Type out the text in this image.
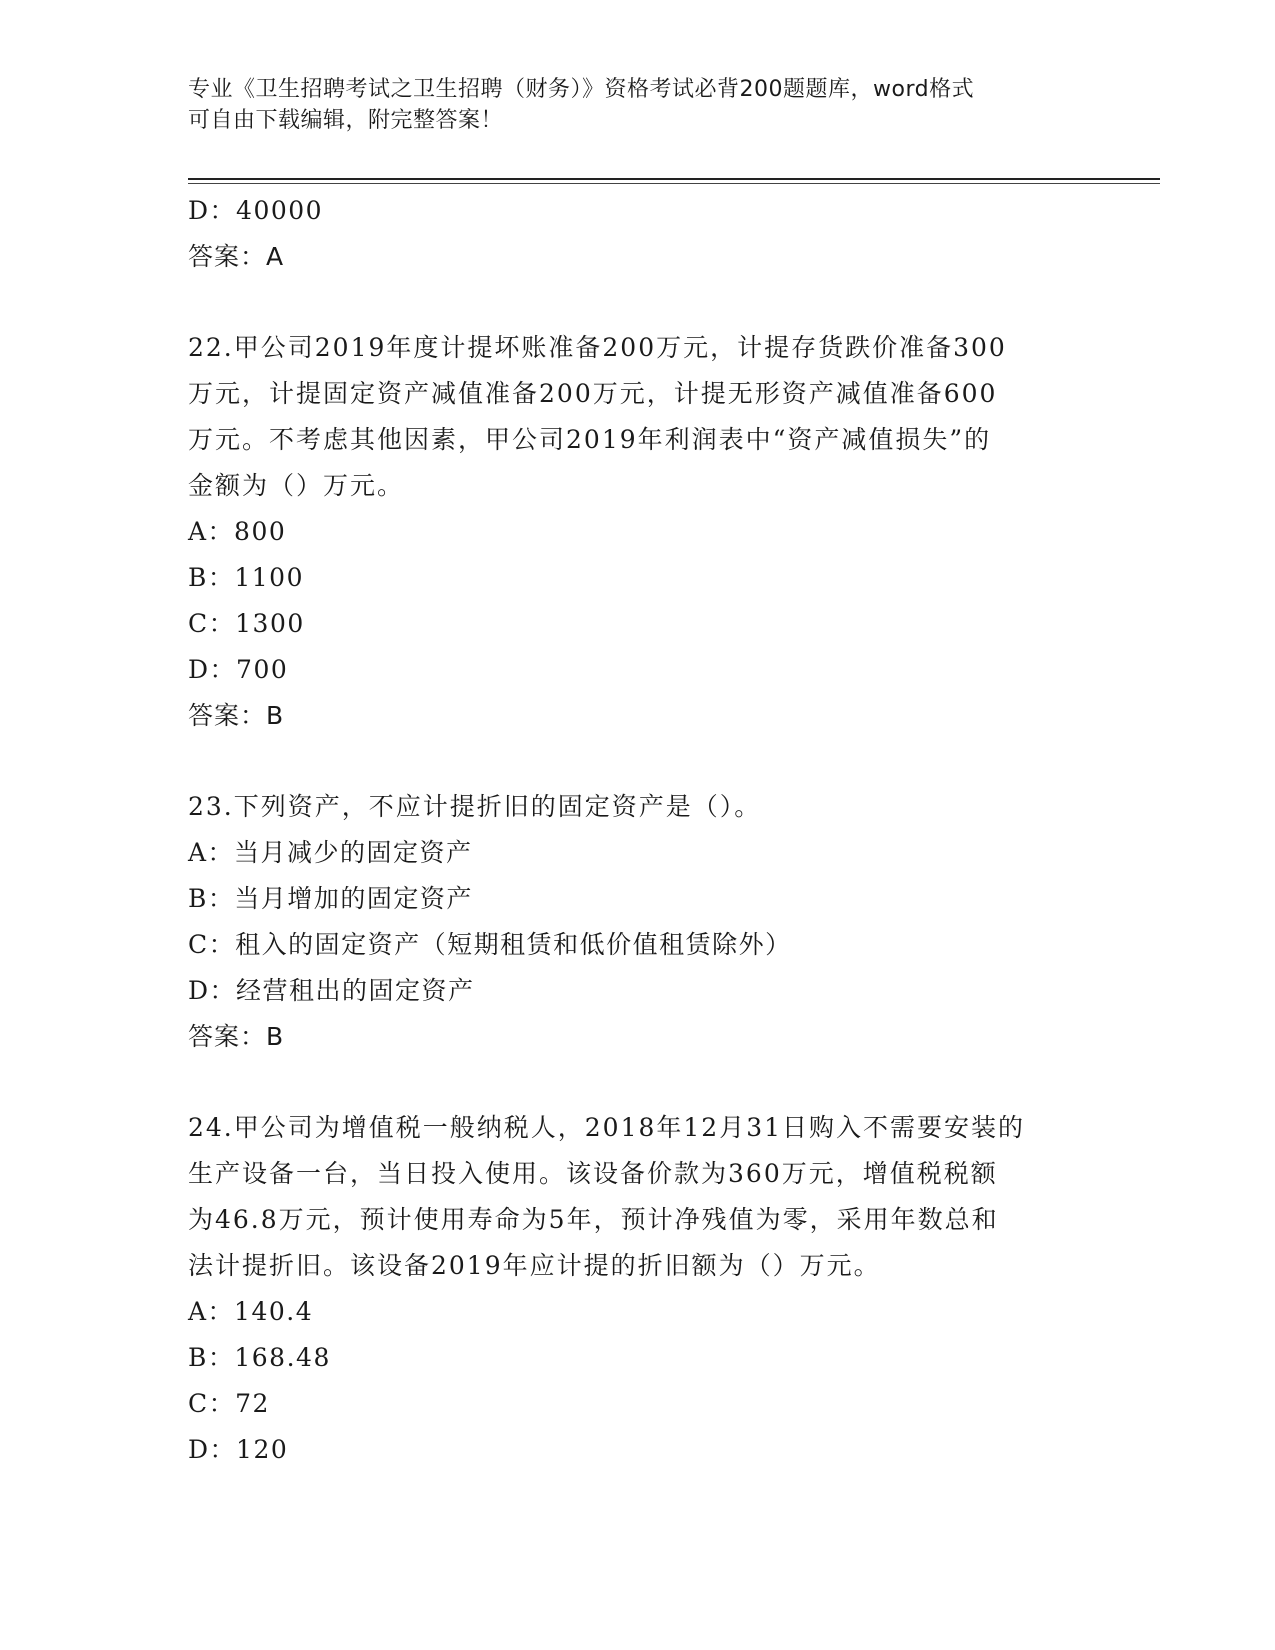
专业《卫生招聘考试之卫生招聘（财务）》资格考试必背200题题库，word格式
可自由下载编辑，附完整答案！
D：40000
答案：A
22.甲公司2019年度计提坏账准备200万元，计提存货跌价准备300
万元，计提固定资产减值准备200万元，计提无形资产减值准备600
万元。不考虑其他因素，甲公司2019年利润表中“资产减值损失”的
金额为（）万元。
A：800
B：1100
C：1300
D：700
答案：B
23.下列资产，不应计提折旧的固定资产是（）。
A：当月减少的固定资产
B：当月增加的固定资产
C：租入的固定资产（短期租赁和低价值租赁除外）
D：经营租出的固定资产
答案：B
24.甲公司为增值税一般纳税人，2018年12月31日购入不需要安装的
生产设备一台，当日投入使用。该设备价款为360万元，增值税税额
为46.8万元，预计使用寿命为5年，预计净残值为零，采用年数总和
法计提折旧。该设备2019年应计提的折旧额为（）万元。
A：140.4
B：168.48
C：72
D：120
